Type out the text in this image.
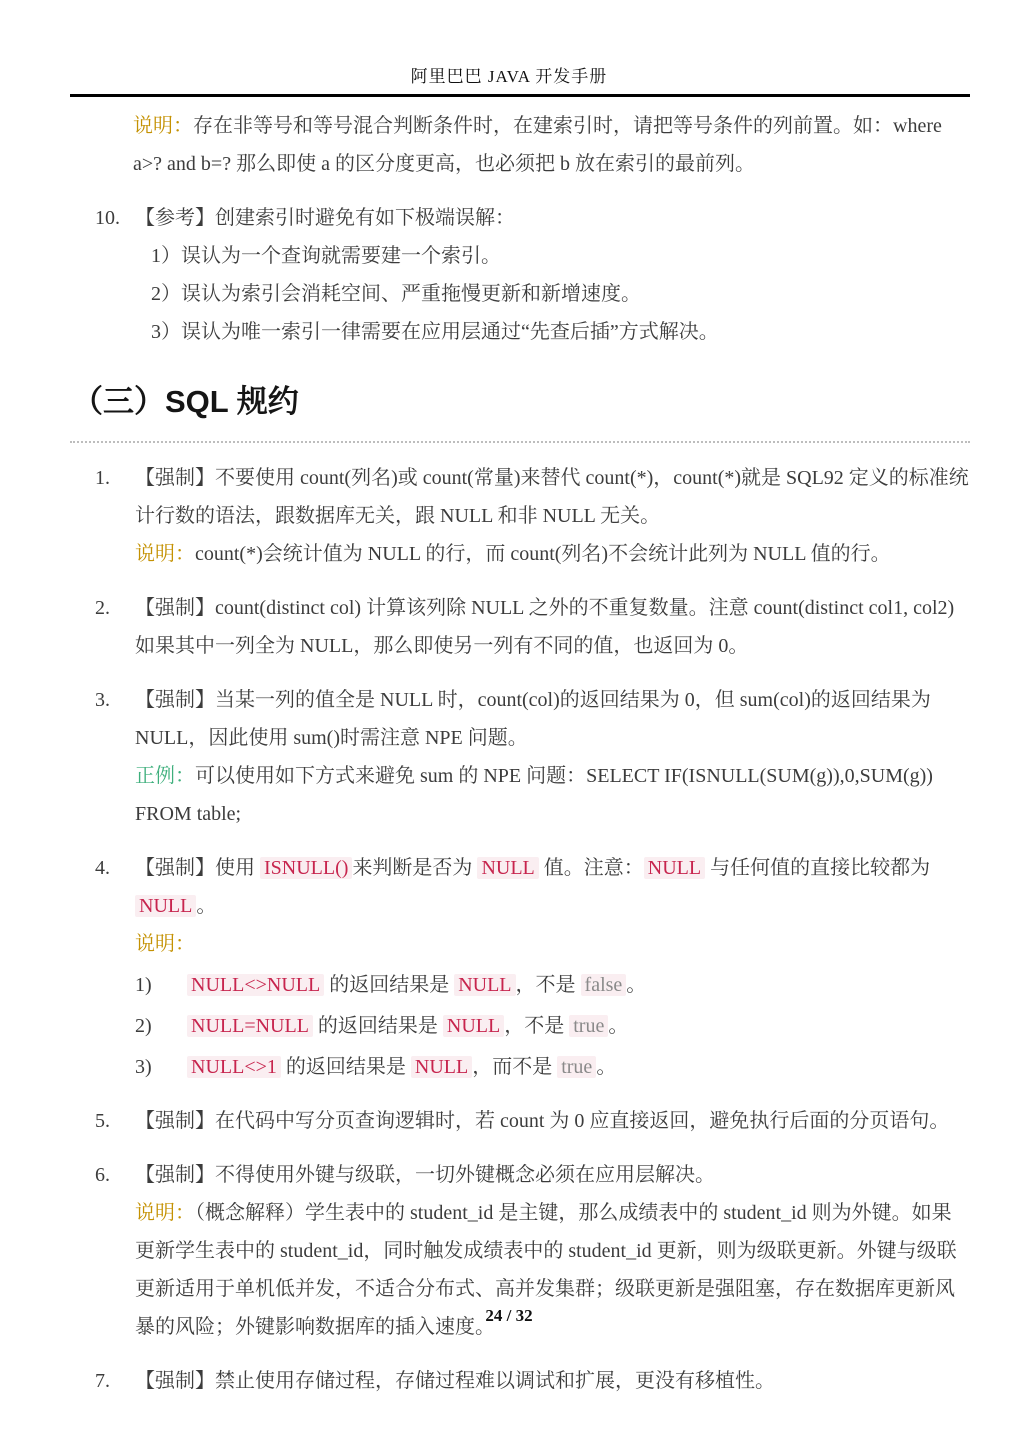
阿里巴巴 JAVA 开发手册

说明：存在非等号和等号混合判断条件时，在建索引时，请把等号条件的列前置。如：where a>? and b=? 那么即使 a 的区分度更高，也必须把 b 放在索引的最前列。

10. 【参考】创建索引时避免有如下极端误解：

1）误认为一个查询就需要建一个索引。

2）误认为索引会消耗空间、严重拖慢更新和新增速度。

3）误认为唯一索引一律需要在应用层通过“先查后插”方式解决。

（三）SQL 规约
1.	【强制】不要使用 count(列名)或 count(常量)来替代 count(*)，count(*)就是 SQL92 定义的标准统计行数的语法，跟数据库无关，跟 NULL 和非 NULL 无关。

说明：count(*)会统计值为 NULL 的行，而 count(列名)不会统计此列为 NULL 值的行。

2.	【强制】count(distinct col) 计算该列除 NULL 之外的不重复数量。注意 count(distinct col1, col2) 如果其中一列全为 NULL，那么即使另一列有不同的值，也返回为 0。

3.	【强制】当某一列的值全是 NULL 时，count(col)的返回结果为 0，但 sum(col)的返回结果为 NULL，因此使用 sum()时需注意 NPE 问题。

正例：可以使用如下方式来避免 sum 的 NPE 问题：SELECT IF(ISNULL(SUM(g)),0,SUM(g)) FROM table;

4.	【强制】使用 ISNULL() 来判断是否为 NULL 值。注意： NULL 与任何值的直接比较都为 NULL 。

说明：

1)	NULL<>NULL 的返回结果是 NULL ，不是 false 。

2)	NULL=NULL 的返回结果是 NULL ，不是 true 。

3)	NULL<>1 的返回结果是 NULL ，而不是 true 。

5.	【强制】在代码中写分页查询逻辑时，若 count 为 0 应直接返回，避免执行后面的分页语句。

6.	【强制】不得使用外键与级联，一切外键概念必须在应用层解决。

说明：（概念解释）学生表中的 student_id 是主键，那么成绩表中的 student_id 则为外键。如果更新学生表中的 student_id，同时触发成绩表中的 student_id 更新，则为级联更新。外键与级联更新适用于单机低并发，不适合分布式、高并发集群；级联更新是强阻塞，存在数据库更新风暴的风险；外键影响数据库的插入速度。

7.	【强制】禁止使用存储过程，存储过程难以调试和扩展，更没有移植性。

24 / 32
